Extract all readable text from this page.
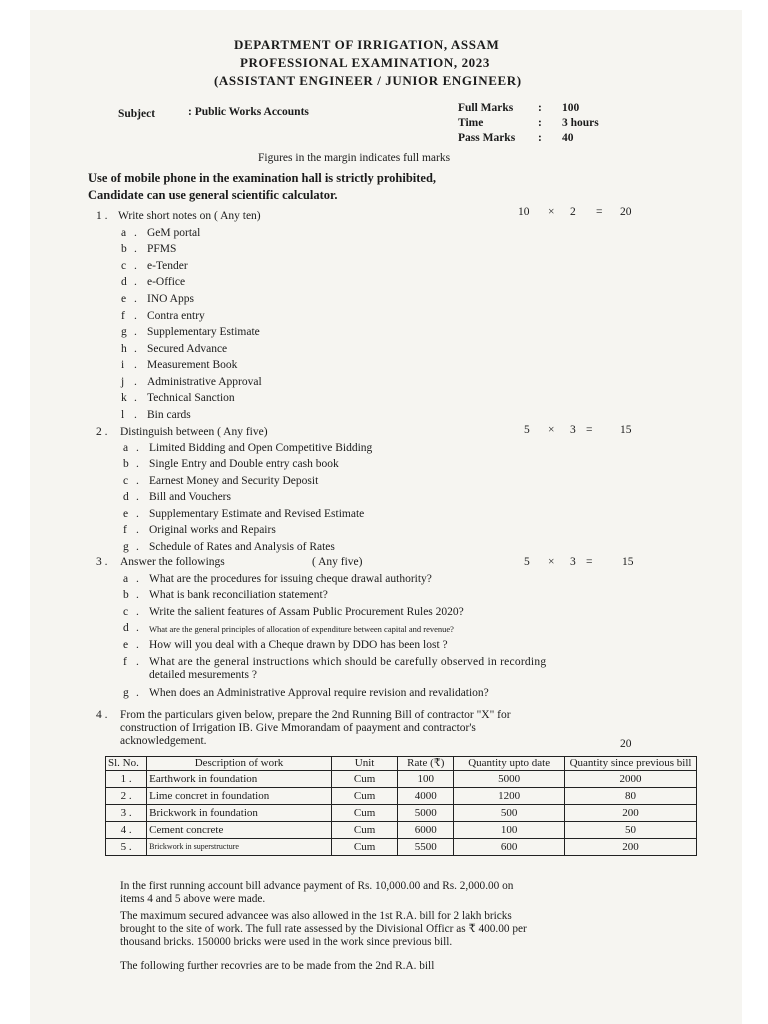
DEPARTMENT OF IRRIGATION, ASSAM
PROFESSIONAL EXAMINATION, 2023
(ASSISTANT ENGINEER / JUNIOR ENGINEER)
Subject	: Public Works Accounts	Full Marks : 100
Time	: 3 hours
Pass Marks : 40
Figures in the margin indicates full marks
Use of mobile phone in the examination hall is strictly prohibited,
Candidate can use general scientific calculator.
1 . Write short notes on ( Any ten)	10 × 2 = 20
a . GeM portal
b . PFMS
c . e-Tender
d . e-Office
e . INO Apps
f . Contra entry
g . Supplementary Estimate
h . Secured Advance
i . Measurement Book
j . Administrative Approval
k . Technical Sanction
l . Bin cards
2 . Distinguish between ( Any five)	5 × 3 = 15
a . Limited Bidding and Open Competitive Bidding
b . Single Entry and Double entry cash book
c . Earnest Money and Security Deposit
d . Bill and Vouchers
e . Supplementary Estimate and Revised Estimate
f . Original works and Repairs
g . Schedule of Rates and Analysis of Rates
3 . Answer the followings	( Any five)	5 × 3 =	15
a . What are the procedures for issuing cheque drawal authority?
b . What is bank reconciliation statement?
c . Write the salient features of Assam Public Procurement Rules 2020?
d . What are the general principles of allocation of expenditure between capital and revenue?
e . How will you deal with a Cheque drawn by DDO has been lost ?
f . What are the general instructions which should be carefully observed in recording
detailed mesurements ?
g . When does an Administrative Approval require revision and revalidation?
4 . From the particulars given below, prepare the 2nd Running Bill of contractor "X" for
construction of Irrigation IB. Give Mmorandam of paayment and contractor's
acknowledgement.	20
Sl. No.	Description of work	Unit	Rate (₹)	Quantity upto date	Quantity since previous bill
1 .	Earthwork in foundation	Cum	100	5000	2000
2 .	Lime concret in foundation	Cum	4000	1200	80
3 .	Brickwork in foundation	Cum	5000	500	200
4 .	Cement concrete	Cum	6000	100	50
5 .	Brickwork in superstructure	Cum	5500	600	200
In the first running account bill advance payment of Rs. 10,000.00 and Rs. 2,000.00 on
items 4 and 5 above were made.
The maximum secured advancee was also allowed in the 1st R.A. bill for 2 lakh bricks
brought to the site of work. The full rate assessed by the Divisional Officr as ₹ 400.00 per
thousand bricks. 150000 bricks were used in the work since previous bill.
The following further recovries are to be made from the 2nd R.A. bill
